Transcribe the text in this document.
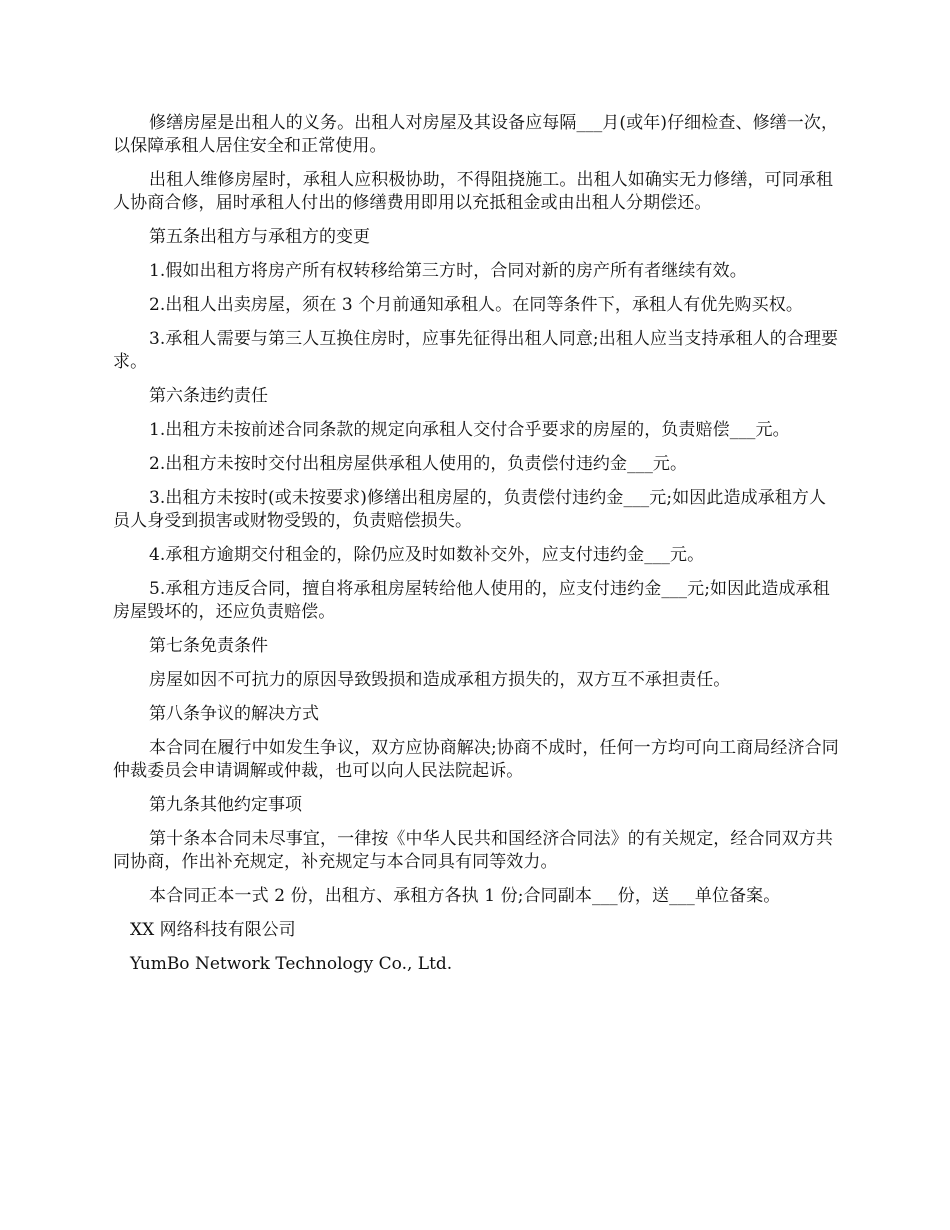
修缮房屋是出租人的义务。出租人对房屋及其设备应每隔___月(或年)仔细检查、修缮一次，以保障承租人居住安全和正常使用。

出租人维修房屋时，承租人应积极协助，不得阻挠施工。出租人如确实无力修缮，可同承租人协商合修，届时承租人付出的修缮费用即用以充抵租金或由出租人分期偿还。

第五条出租方与承租方的变更

1.假如出租方将房产所有权转移给第三方时，合同对新的房产所有者继续有效。

2.出租人出卖房屋，须在 3 个月前通知承租人。在同等条件下，承租人有优先购买权。

3.承租人需要与第三人互换住房时，应事先征得出租人同意;出租人应当支持承租人的合理要求。

第六条违约责任

1.出租方未按前述合同条款的规定向承租人交付合乎要求的房屋的，负责赔偿___元。

2.出租方未按时交付出租房屋供承租人使用的，负责偿付违约金___元。

3.出租方未按时(或未按要求)修缮出租房屋的，负责偿付违约金___元;如因此造成承租方人员人身受到损害或财物受毁的，负责赔偿损失。

4.承租方逾期交付租金的，除仍应及时如数补交外，应支付违约金___元。

5.承租方违反合同，擅自将承租房屋转给他人使用的，应支付违约金___元;如因此造成承租房屋毁坏的，还应负责赔偿。

第七条免责条件

房屋如因不可抗力的原因导致毁损和造成承租方损失的，双方互不承担责任。

第八条争议的解决方式

本合同在履行中如发生争议，双方应协商解决;协商不成时，任何一方均可向工商局经济合同仲裁委员会申请调解或仲裁，也可以向人民法院起诉。

第九条其他约定事项

第十条本合同未尽事宜，一律按《中华人民共和国经济合同法》的有关规定，经合同双方共同协商，作出补充规定，补充规定与本合同具有同等效力。

本合同正本一式 2 份，出租方、承租方各执 1 份;合同副本___份，送___单位备案。

XX 网络科技有限公司

YumBo Network Technology Co., Ltd.
